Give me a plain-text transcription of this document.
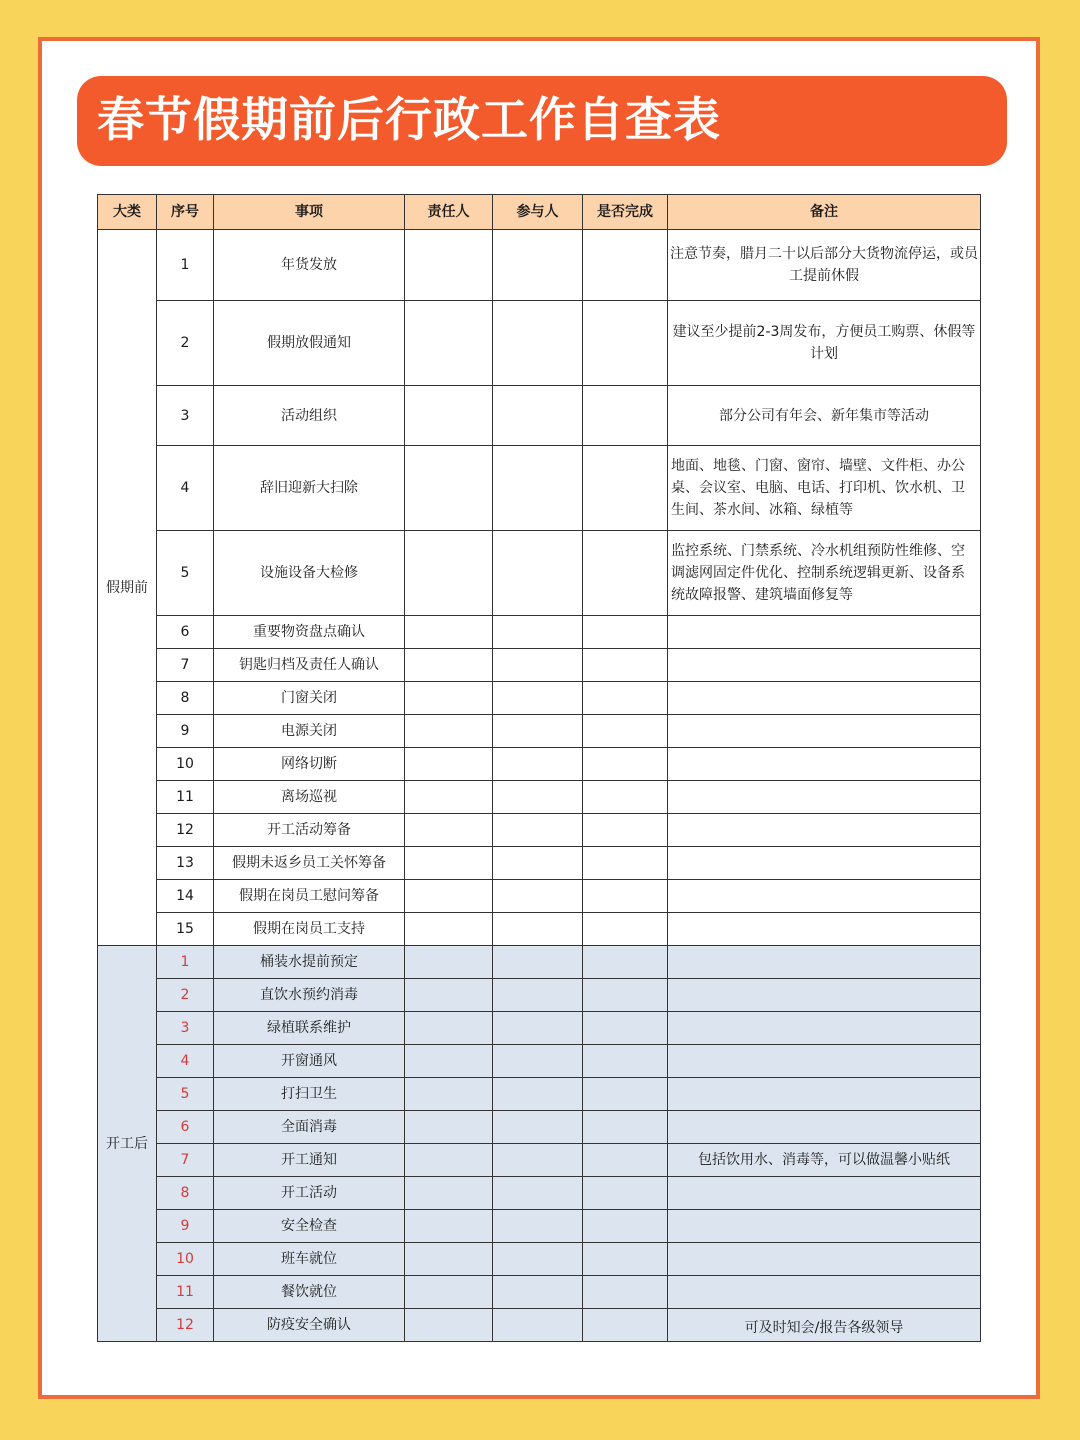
春节假期前后行政工作自查表
大类	序号	事项	责任人	参与人	是否完成	备注
假期前	1	年货发放				注意节奏，腊月二十以后部分大货物流停运，或员工提前休假
	2	假期放假通知				建议至少提前2-3周发布，方便员工购票、休假等计划
	3	活动组织				部分公司有年会、新年集市等活动
	4	辞旧迎新大扫除				地面、地毯、门窗、窗帘、墙壁、文件柜、办公桌、会议室、电脑、电话、打印机、饮水机、卫生间、茶水间、冰箱、绿植等
	5	设施设备大检修				监控系统、门禁系统、冷水机组预防性维修、空调滤网固定件优化、控制系统逻辑更新、设备系统故障报警、建筑墙面修复等
	6	重要物资盘点确认				
	7	钥匙归档及责任人确认				
	8	门窗关闭				
	9	电源关闭				
	10	网络切断				
	11	离场巡视				
	12	开工活动筹备				
	13	假期未返乡员工关怀筹备				
	14	假期在岗员工慰问筹备				
	15	假期在岗员工支持				
开工后	1	桶装水提前预定				
	2	直饮水预约消毒				
	3	绿植联系维护				
	4	开窗通风				
	5	打扫卫生				
	6	全面消毒				
	7	开工通知				包括饮用水、消毒等，可以做温馨小贴纸
	8	开工活动				
	9	安全检查				
	10	班车就位				
	11	餐饮就位				
	12	防疫安全确认				可及时知会/报告各级领导
